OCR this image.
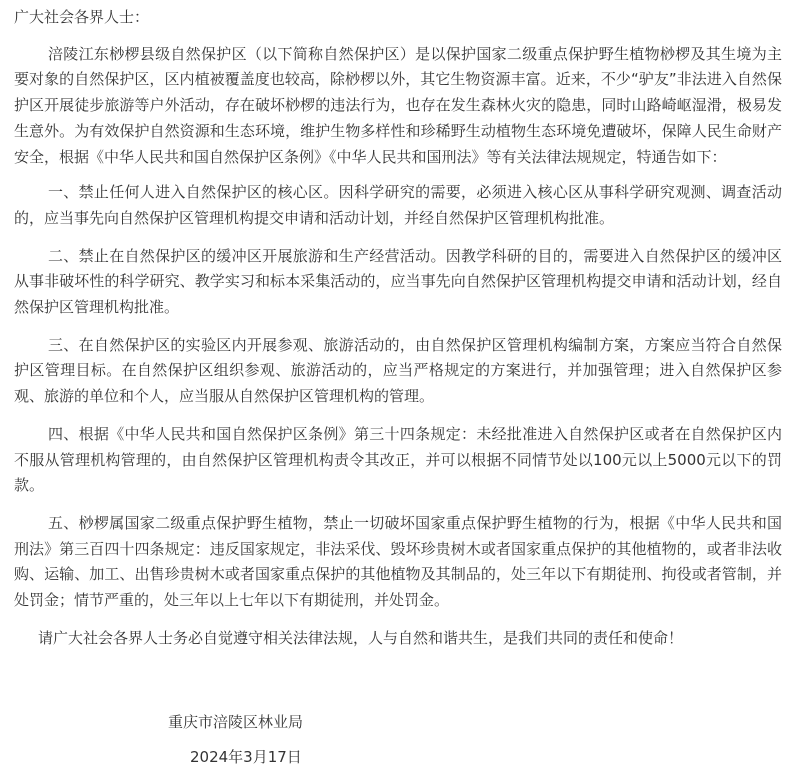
广大社会各界人士：
涪陵江东桫椤县级自然保护区（以下简称自然保护区）是以保护国家二级重点保护野生植物桫椤及其生境为主要对象的自然保护区，区内植被覆盖度也较高，除桫椤以外，其它生物资源丰富。近来，不少“驴友”非法进入自然保护区开展徒步旅游等户外活动，存在破坏桫椤的违法行为，也存在发生森林火灾的隐患，同时山路崎岖湿滑，极易发生意外。为有效保护自然资源和生态环境，维护生物多样性和珍稀野生动植物生态环境免遭破坏，保障人民生命财产安全，根据《中华人民共和国自然保护区条例》《中华人民共和国刑法》等有关法律法规规定，特通告如下：
一、禁止任何人进入自然保护区的核心区。因科学研究的需要，必须进入核心区从事科学研究观测、调查活动的，应当事先向自然保护区管理机构提交申请和活动计划，并经自然保护区管理机构批准。
二、禁止在自然保护区的缓冲区开展旅游和生产经营活动。因教学科研的目的，需要进入自然保护区的缓冲区从事非破坏性的科学研究、教学实习和标本采集活动的，应当事先向自然保护区管理机构提交申请和活动计划，经自然保护区管理机构批准。
三、在自然保护区的实验区内开展参观、旅游活动的，由自然保护区管理机构编制方案，方案应当符合自然保护区管理目标。在自然保护区组织参观、旅游活动的，应当严格规定的方案进行，并加强管理；进入自然保护区参观、旅游的单位和个人，应当服从自然保护区管理机构的管理。
四、根据《中华人民共和国自然保护区条例》第三十四条规定：未经批准进入自然保护区或者在自然保护区内不服从管理机构管理的，由自然保护区管理机构责令其改正，并可以根据不同情节处以100元以上5000元以下的罚款。
五、桫椤属国家二级重点保护野生植物，禁止一切破坏国家重点保护野生植物的行为，根据《中华人民共和国刑法》第三百四十四条规定：违反国家规定，非法采伐、毁坏珍贵树木或者国家重点保护的其他植物的，或者非法收购、运输、加工、出售珍贵树木或者国家重点保护的其他植物及其制品的，处三年以下有期徒刑、拘役或者管制，并处罚金；情节严重的，处三年以上七年以下有期徒刑，并处罚金。
请广大社会各界人士务必自觉遵守相关法律法规，人与自然和谐共生，是我们共同的责任和使命！
重庆市涪陵区林业局
2024年3月17日
